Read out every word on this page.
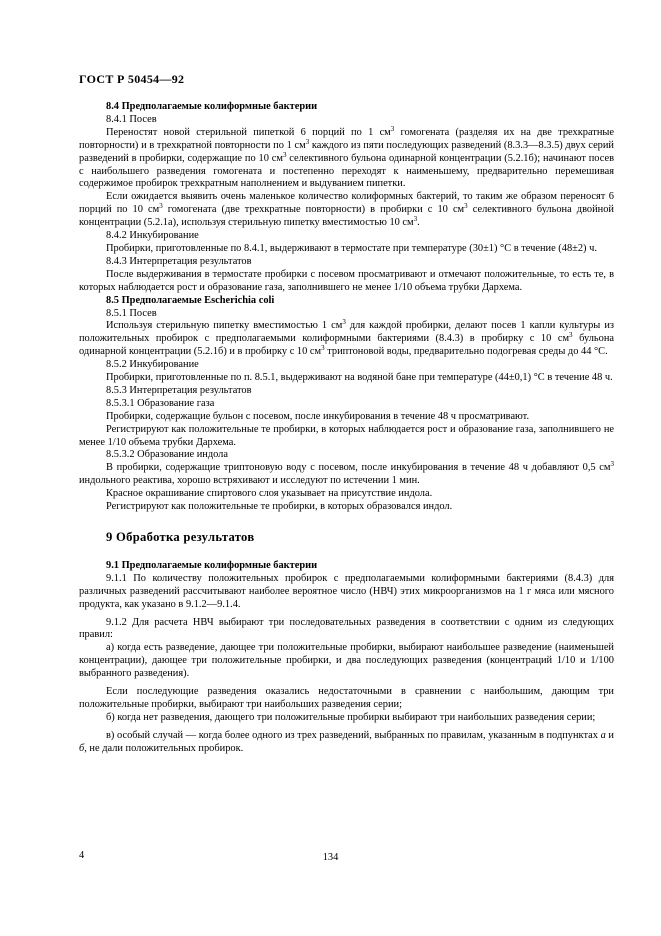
ГОСТ Р 50454—92
8.4 Предполагаемые колиформные бактерии
8.4.1 Посев
Переностят новой стерильной пипеткой 6 порций по 1 $см^3$ гомогената (разделяя их на две трехкратные повторности) и в трехкратной повторности по 1 $см^3$ каждого из пяти последующих разведений (8.3.3—8.3.5) двух серий разведений в пробирки, содержащие по 10 $см^3$ селективного бульона одинарной концентрации (5.2.1б); начинают посев с наибольшего разведения гомогената и постепенно переходят к наименьшему, предварительно перемешивая содержимое пробирок трехкратным наполнением и выдуванием пипетки.
Если ожидается выявить очень маленькое количество колиформных бактерий, то таким же образом переносят 6 порций по 10 $см^3$ гомогената (две трехкратные повторности) в пробирки с 10 $см^3$ селективного бульона двойной концентрации (5.2.1а), используя стерильную пипетку вместимостью 10 $см^3$.
8.4.2 Инкубирование
Пробирки, приготовленные по 8.4.1, выдерживают в термостате при температуре (30±1) °С в течение (48±2) ч.
8.4.3 Интерпретация результатов
После выдерживания в термостате пробирки с посевом просматривают и отмечают положительные, то есть те, в которых наблюдается рост и образование газа, заполнившего не менее 1/10 объема трубки Дархема.
8.5 Предполагаемые Escherichia coli
8.5.1 Посев
Используя стерильную пипетку вместимостью 1 $см^3$ для каждой пробирки, делают посев 1 капли культуры из положительных пробирок с предполагаемыми колиформными бактериями (8.4.3) в пробирку с 10 $см^3$ бульона одинарной концентрации (5.2.1б) и в пробирку с 10 $см^3$ триптоновой воды, предварительно подогревая среды до 44 °С.
8.5.2 Инкубирование
Пробирки, приготовленные по п. 8.5.1, выдерживают на водяной бане при температуре (44±0,1) °С в течение 48 ч.
8.5.3 Интерпретация результатов
8.5.3.1 Образование газа
Пробирки, содержащие бульон с посевом, после инкубирования в течение 48 ч просматривают.
Регистрируют как положительные те пробирки, в которых наблюдается рост и образование газа, заполнившего не менее 1/10 объема трубки Дархема.
8.5.3.2 Образование индола
В пробирки, содержащие триптоновую воду с посевом, после инкубирования в течение 48 ч добавляют 0,5 $см^3$ индольного реактива, хорошо встряхивают и исследуют по истечении 1 мин.
Красное окрашивание спиртового слоя указывает на присутствие индола.
Регистрируют как положительные те пробирки, в которых образовался индол.
9 Обработка результатов
9.1 Предполагаемые колиформные бактерии
9.1.1 По количеству положительных пробирок с предполагаемыми колиформными бактериями (8.4.3) для различных разведений рассчитывают наиболее вероятное число (НВЧ) этих микроорганизмов на 1 г мяса или мясного продукта, как указано в 9.1.2—9.1.4.
9.1.2 Для расчета НВЧ выбирают три последовательных разведения в соответствии с одним из следующих правил:
а) когда есть разведение, дающее три положительные пробирки, выбирают наибольшее разведение (наименьшей концентрации), дающее три положительные пробирки, и два последующих разведения (концентраций 1/10 и 1/100 выбранного разведения).
Если последующие разведения оказались недостаточными в сравнении с наибольшим, дающим три положительные пробирки, выбирают три наибольших разведения серии;
б) когда нет разведения, дающего три положительные пробирки выбирают три наибольших разведения серии;
в) особый случай — когда более одного из трех разведений, выбранных по правилам, указанным в подпунктах а и б, не дали положительных пробирок.
4	134
